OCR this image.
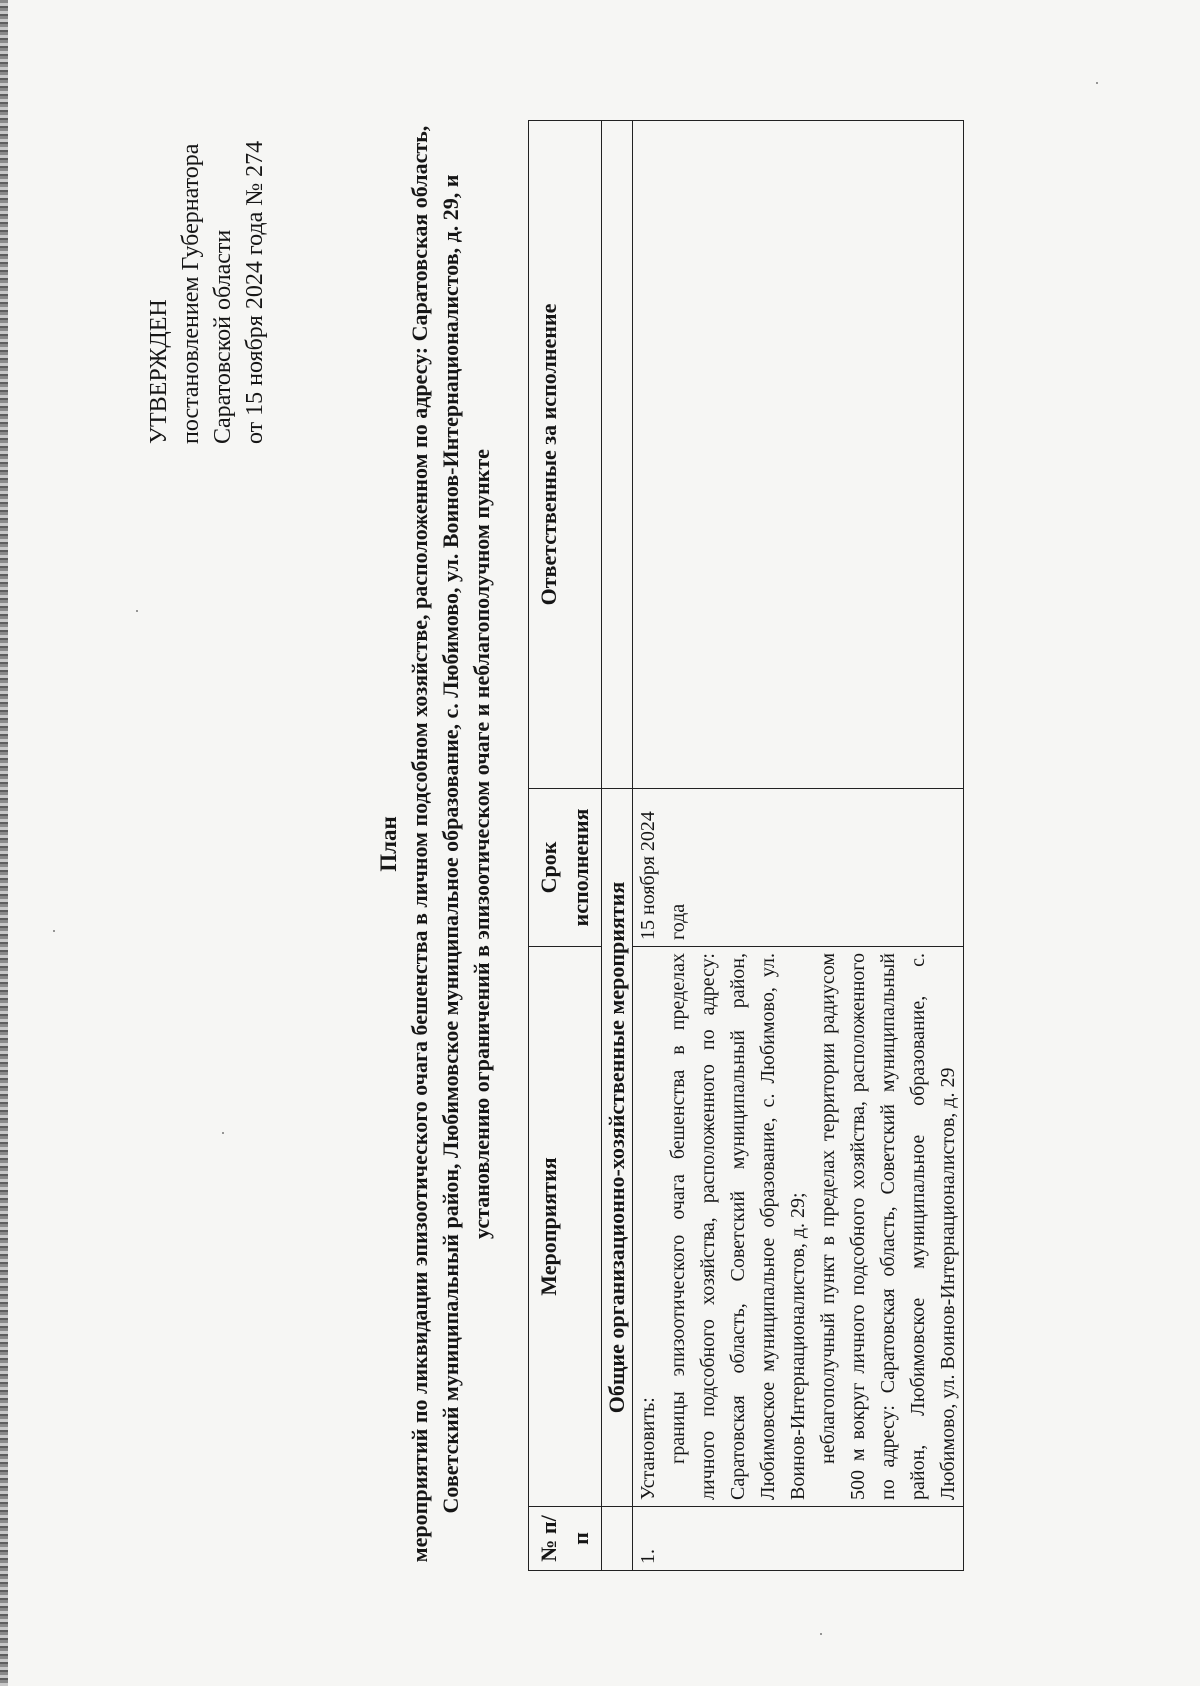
УТВЕРЖДЕН постановлением Губернатора Саратовской области от 15 ноября 2024 года № 274
План мероприятий по ликвидации эпизоотического очага бешенства в личном подсобном хозяйстве, расположенном по адресу: Саратовская область, Советский муниципальный район, Любимовское муниципальное образование, с. Любимово, ул. Воинов-Интернационалистов, д. 29, и установлению ограничений в эпизоотическом очаге и неблагополучном пункте
№ п/п	Мероприятия	Срок исполнения	Ответственные за исполнение
	Общие организационно-хозяйственные мероприятия		
1.	Установить: границы эпизоотического очага бешенства в пределах личного подсобного хозяйства, расположенного по адресу: Саратовская область, Советский муниципальный район, Любимовское муниципальное образование, с. Любимово, ул. Воинов-Интернационалистов, д. 29; неблагополучный пункт в пределах территории радиусом 500 м вокруг личного подсобного хозяйства, расположенного по адресу: Саратовская область, Советский муниципальный район, Любимовское муниципальное образование, с. Любимово, ул. Воинов-Интернационалистов, д. 29	15 ноября 2024 года	
